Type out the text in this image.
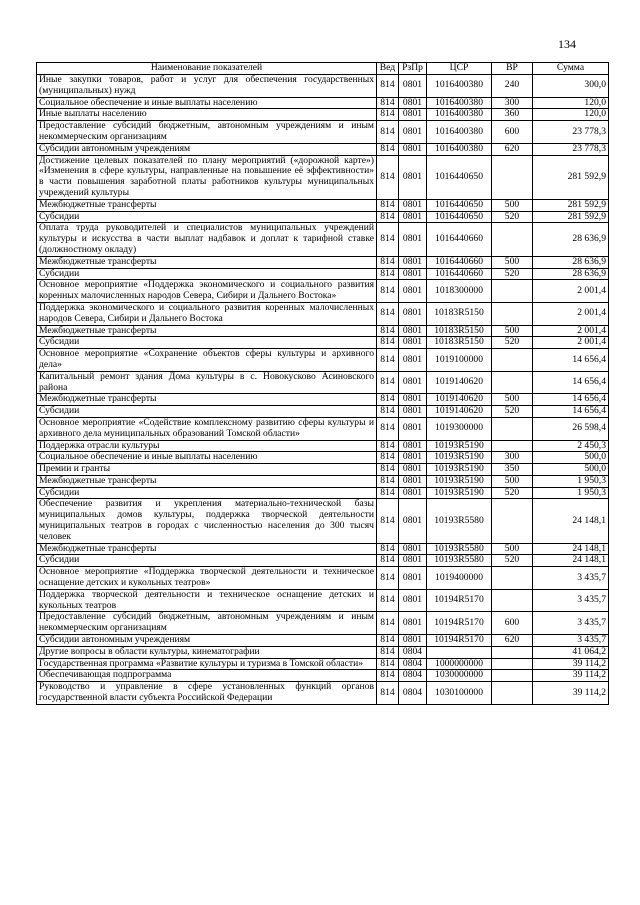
134
Наименование показателей	Вед	РзПр	ЦСР	ВР	Сумма
Иные закупки товаров, работ и услуг для обеспечения государственных (муниципальных) нужд	814	0801	1016400380	240	300,0
Социальное обеспечение и иные выплаты населению	814	0801	1016400380	300	120,0
Иные выплаты населению	814	0801	1016400380	360	120,0
Предоставление субсидий бюджетным, автономным учреждениям и иным некоммерческим организациям	814	0801	1016400380	600	23 778,3
Субсидии автономным учреждениям	814	0801	1016400380	620	23 778,3
Достижение целевых показателей по плану мероприятий («дорожной карте») «Изменения в сфере культуры, направленные на повышение её эффективности» в части повышения заработной платы работников культуры муниципальных учреждений культуры	814	0801	1016440650		281 592,9
Межбюджетные трансферты	814	0801	1016440650	500	281 592,9
Субсидии	814	0801	1016440650	520	281 592,9
Оплата труда руководителей и специалистов муниципальных учреждений культуры и искусства в части выплат надбавок и доплат к тарифной ставке (должностному окладу)	814	0801	1016440660		28 636,9
Межбюджетные трансферты	814	0801	1016440660	500	28 636,9
Субсидии	814	0801	1016440660	520	28 636,9
Основное мероприятие «Поддержка экономического и социального развития коренных малочисленных народов Севера, Сибири и Дальнего Востока»	814	0801	1018300000		2 001,4
Поддержка экономического и социального развития коренных малочисленных народов Севера, Сибири и Дальнего Востока	814	0801	10183R5150		2 001,4
Межбюджетные трансферты	814	0801	10183R5150	500	2 001,4
Субсидии	814	0801	10183R5150	520	2 001,4
Основное мероприятие «Сохранение объектов сферы культуры и архивного дела»	814	0801	1019100000		14 656,4
Капитальный ремонт здания Дома культуры в с. Новокусково Асиновского района	814	0801	1019140620		14 656,4
Межбюджетные трансферты	814	0801	1019140620	500	14 656,4
Субсидии	814	0801	1019140620	520	14 656,4
Основное мероприятие «Содействие комплексному развитию сферы культуры и архивного дела муниципальных образований Томской области»	814	0801	1019300000		26 598,4
Поддержка отрасли культуры	814	0801	10193R5190		2 450,3
Социальное обеспечение и иные выплаты населению	814	0801	10193R5190	300	500,0
Премии и гранты	814	0801	10193R5190	350	500,0
Межбюджетные трансферты	814	0801	10193R5190	500	1 950,3
Субсидии	814	0801	10193R5190	520	1 950,3
Обеспечение развития и укрепления материально-технической базы муниципальных домов культуры, поддержка творческой деятельности муниципальных театров в городах с численностью населения до 300 тысяч человек	814	0801	10193R5580		24 148,1
Межбюджетные трансферты	814	0801	10193R5580	500	24 148,1
Субсидии	814	0801	10193R5580	520	24 148,1
Основное мероприятие «Поддержка творческой деятельности и техническое оснащение детских и кукольных театров»	814	0801	1019400000		3 435,7
Поддержка творческой деятельности и техническое оснащение детских и кукольных театров	814	0801	10194R5170		3 435,7
Предоставление субсидий бюджетным, автономным учреждениям и иным некоммерческим организациям	814	0801	10194R5170	600	3 435,7
Субсидии автономным учреждениям	814	0801	10194R5170	620	3 435,7
Другие вопросы в области культуры, кинематографии	814	0804			41 064,2
Государственная программа «Развитие культуры и туризма в Томской области»	814	0804	1000000000		39 114,2
Обеспечивающая подпрограмма	814	0804	1030000000		39 114,2
Руководство и управление в сфере установленных функций органов государственной власти субъекта Российской Федерации	814	0804	1030100000		39 114,2
